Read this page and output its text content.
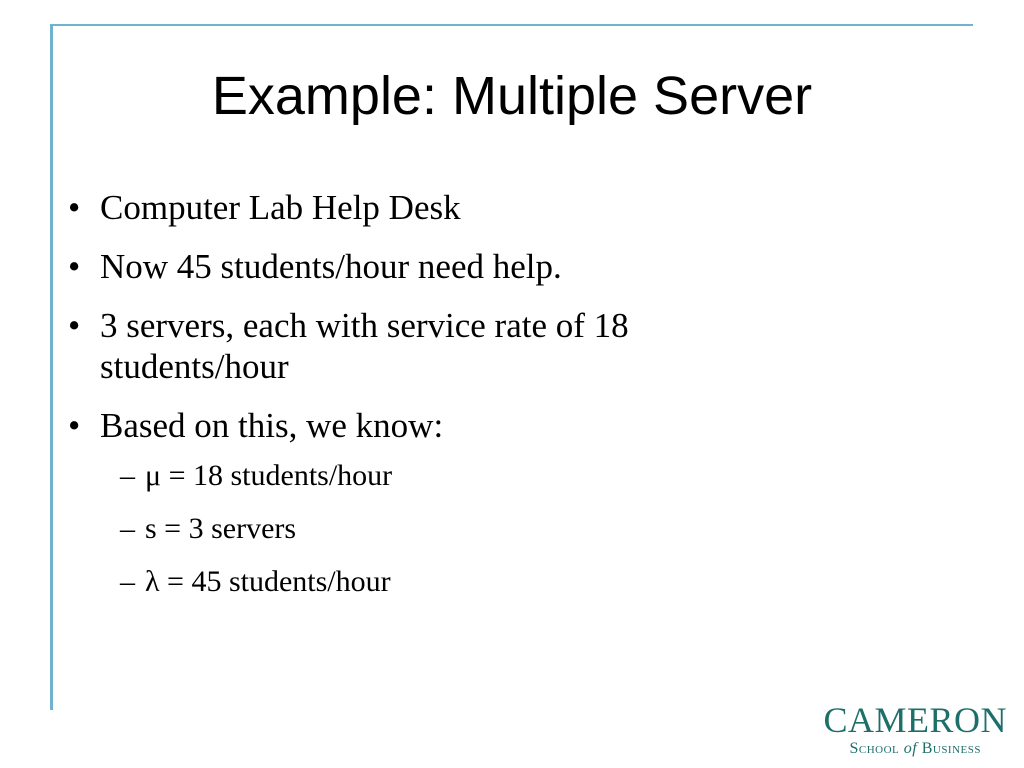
Example: Multiple Server
• Computer Lab Help Desk
• Now 45 students/hour need help.
• 3 servers, each with service rate of 18 students/hour
• Based on this, we know:
– μ = 18 students/hour
– s = 3 servers
– λ = 45 students/hour
CAMERON
School of Business
